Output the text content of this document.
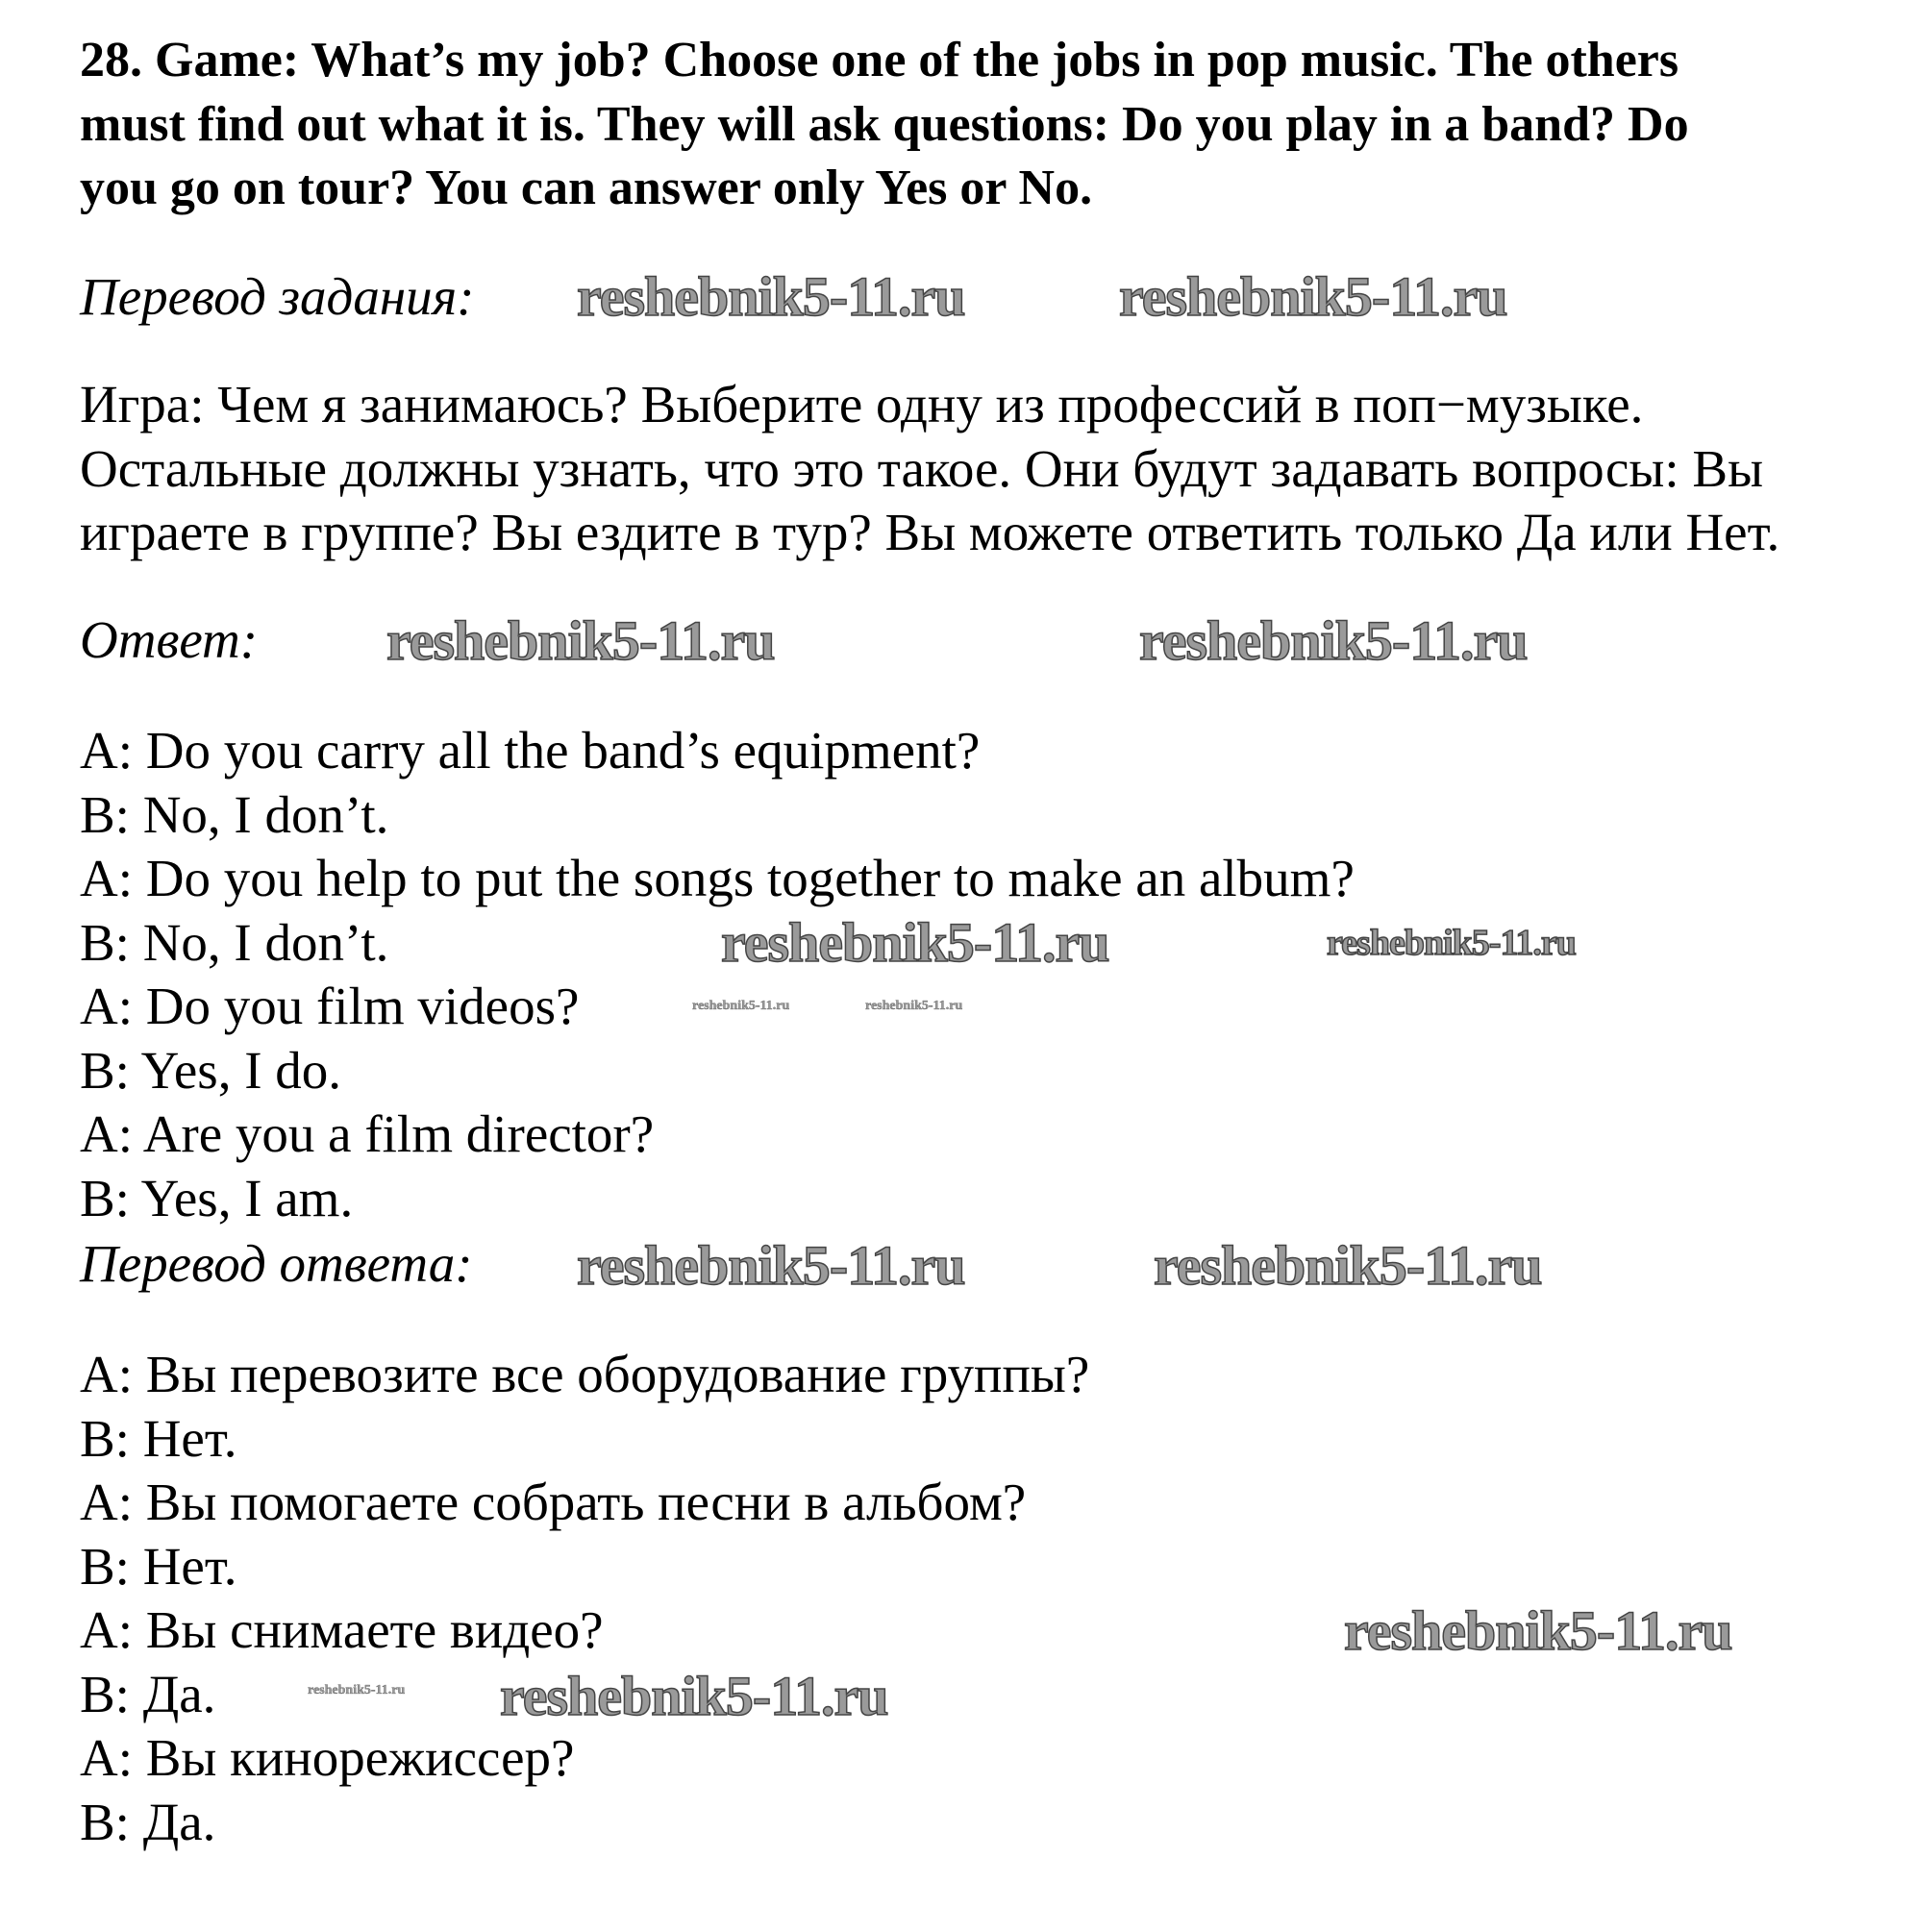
28. Game: What’s my job? Choose one of the jobs in pop music. The others
must find out what it is. They will ask questions: Do you play in a band? Do
you go on tour? You can answer only Yes or No.
Перевод задания:
Игра: Чем я занимаюсь? Выберите одну из профессий в поп−музыке.
Остальные должны узнать, что это такое. Они будут задавать вопросы: Вы
играете в группе? Вы ездите в тур? Вы можете ответить только Да или Нет.
Ответ:
A: Do you carry all the band’s equipment?
B: No, I don’t.
A: Do you help to put the songs together to make an album?
B: No, I don’t.
A: Do you film videos?
B: Yes, I do.
A: Are you a film director?
B: Yes, I am.
Перевод ответа:
A: Вы перевозите все оборудование группы?
B: Нет.
A: Вы помогаете собрать песни в альбом?
B: Нет.
A: Вы снимаете видео?
B: Да.
A: Вы кинорежиссер?
B: Да.
reshebnik5-11.ru	reshebnik5-11.ru
reshebnik5-11.ru	reshebnik5-11.ru
reshebnik5-11.ru	reshebnik5-11.ru
reshebnik5-11.ru	reshebnik5-11.ru
reshebnik5-11.ru
reshebnik5-11.ru
reshebnik5-11.ru
reshebnik5-11.ru reshebnik5-11.ru
